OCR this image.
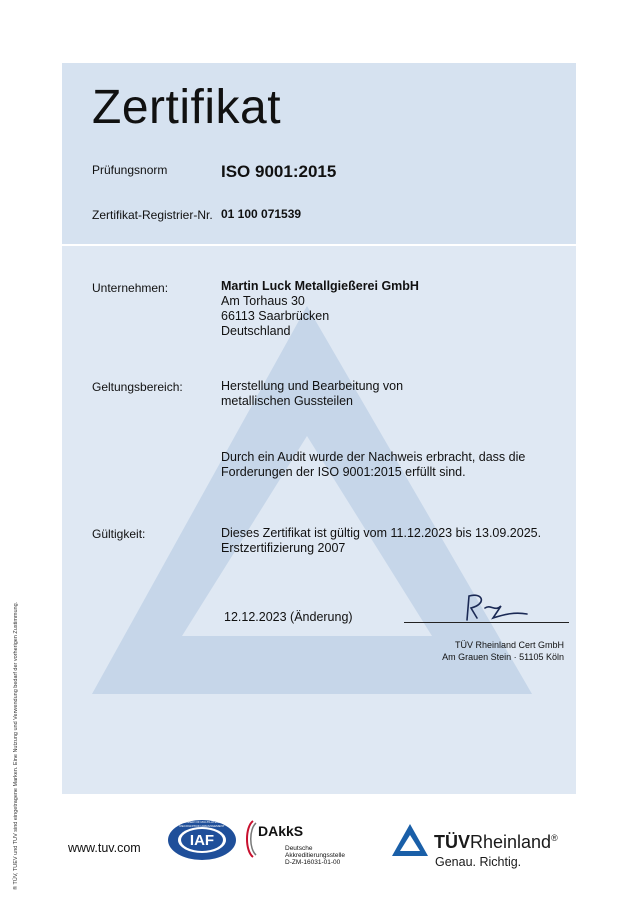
Zertifikat
Prüfungsnorm	ISO 9001:2015
Zertifikat-Registrier-Nr. 01 100 071539
Unternehmen:	Martin Luck Metallgießerei GmbH
Am Torhaus 30
66113 Saarbrücken
Deutschland
Geltungsbereich:	Herstellung und Bearbeitung von
metallischen Gussteilen
Durch ein Audit wurde der Nachweis erbracht, dass die
Forderungen der ISO 9001:2015 erfüllt sind.
Gültigkeit:	Dieses Zertifikat ist gültig vom 11.12.2023 bis 13.09.2025.
Erstzertifizierung 2007
12.12.2023 (Änderung)
TÜV Rheinland Cert GmbH
Am Grauen Stein · 51105 Köln
® TÜV, TUEV und TUV sind eingetragene Marken. Eine Nutzung und Verwendung bedarf der vorherigen Zustimmung.	www.tuv.com	IAF
MEMBER OF MULTILATERAL RECOGNITION ARRANGEMENT	DAkkS
Deutsche
Akkreditierungsstelle
D-ZM-16031-01-00
TÜVRheinland®
Genau. Richtig.
